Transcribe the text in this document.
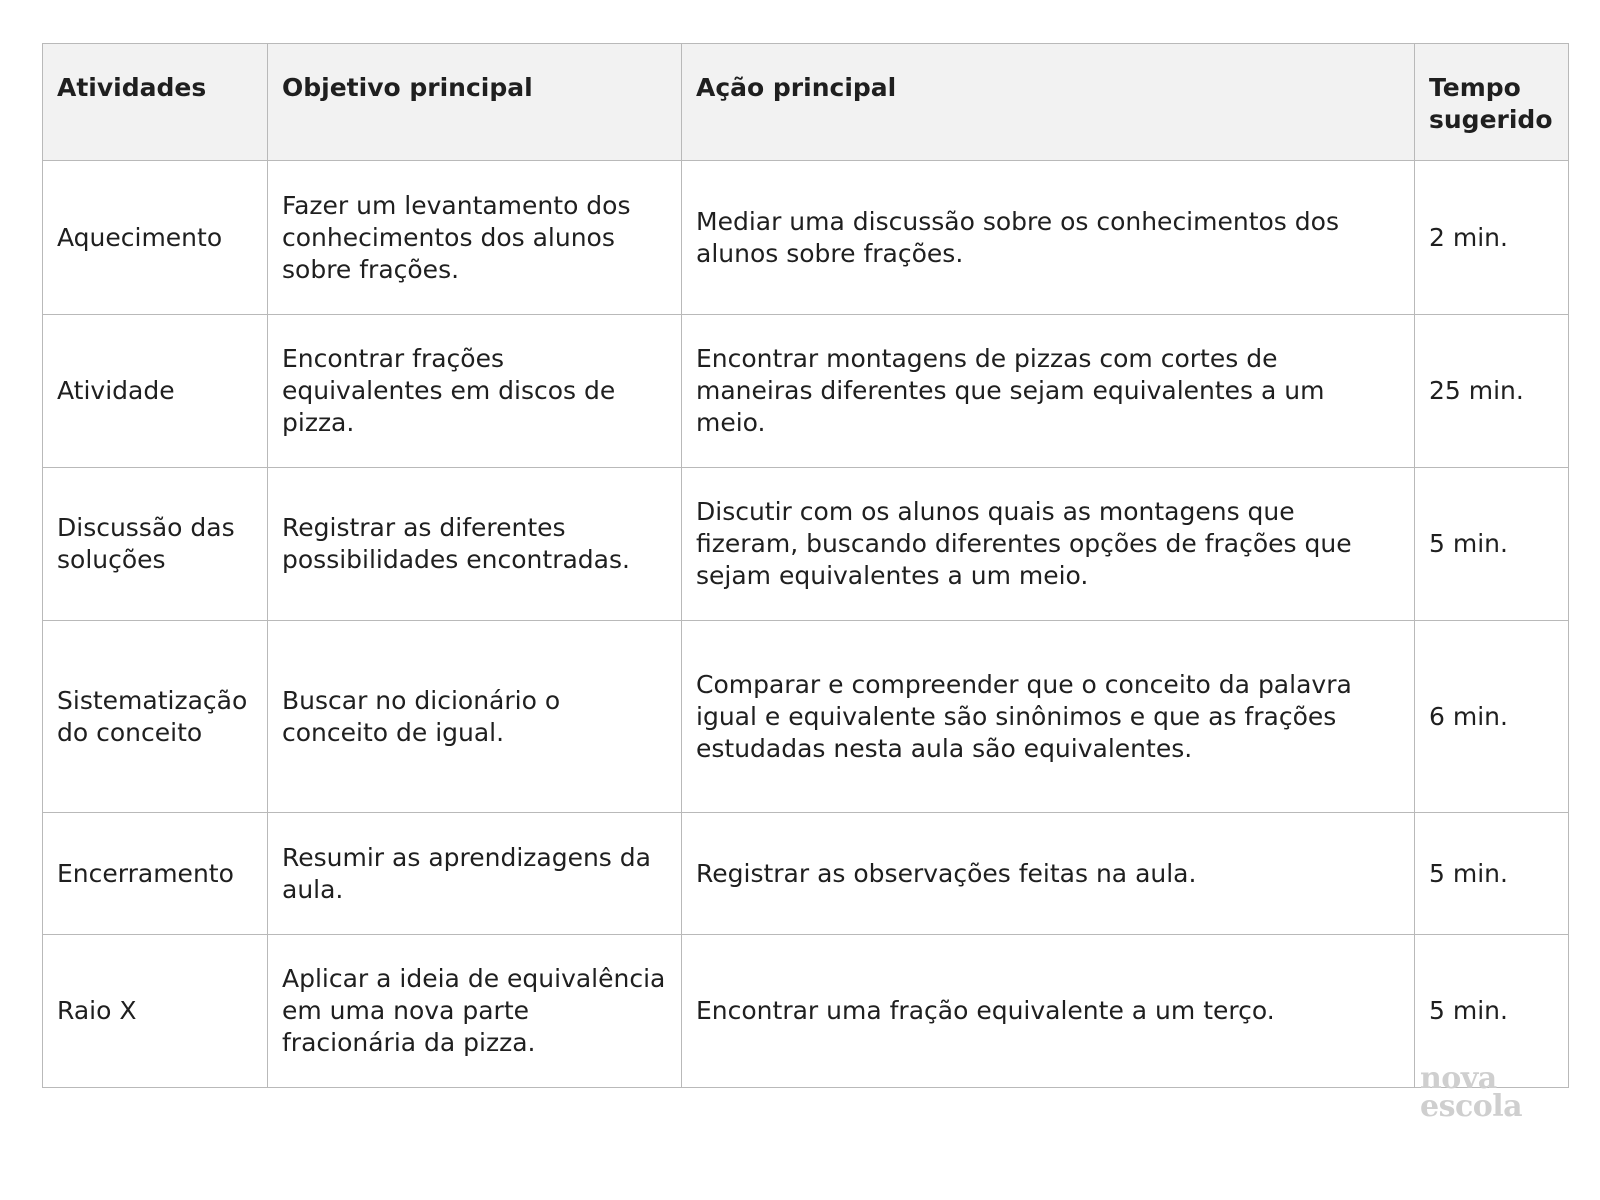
Atividades	Objetivo principal	Ação principal	Tempo sugerido
Aquecimento	Fazer um levantamento dos conhecimentos dos alunos sobre frações.	Mediar uma discussão sobre os conhecimentos dos alunos sobre frações.	2 min.
Atividade	Encontrar frações equivalentes em discos de pizza.	Encontrar montagens de pizzas com cortes de maneiras diferentes que sejam equivalentes a um meio.	25 min.
Discussão das soluções	Registrar as diferentes possibilidades encontradas.	Discutir com os alunos quais as montagens que fizeram, buscando diferentes opções de frações que sejam equivalentes a um meio.	5 min.
Sistematização do conceito	Buscar no dicionário o conceito de igual.	Comparar e compreender que o conceito da palavra igual e equivalente são sinônimos e que as frações estudadas nesta aula são equivalentes.	6 min.
Encerramento	Resumir as aprendizagens da aula.	Registrar as observações feitas na aula.	5 min.
Raio X	Aplicar a ideia de equivalência em uma nova parte fracionária da pizza.	Encontrar uma fração equivalente a um terço.	5 min.
nova
escola
